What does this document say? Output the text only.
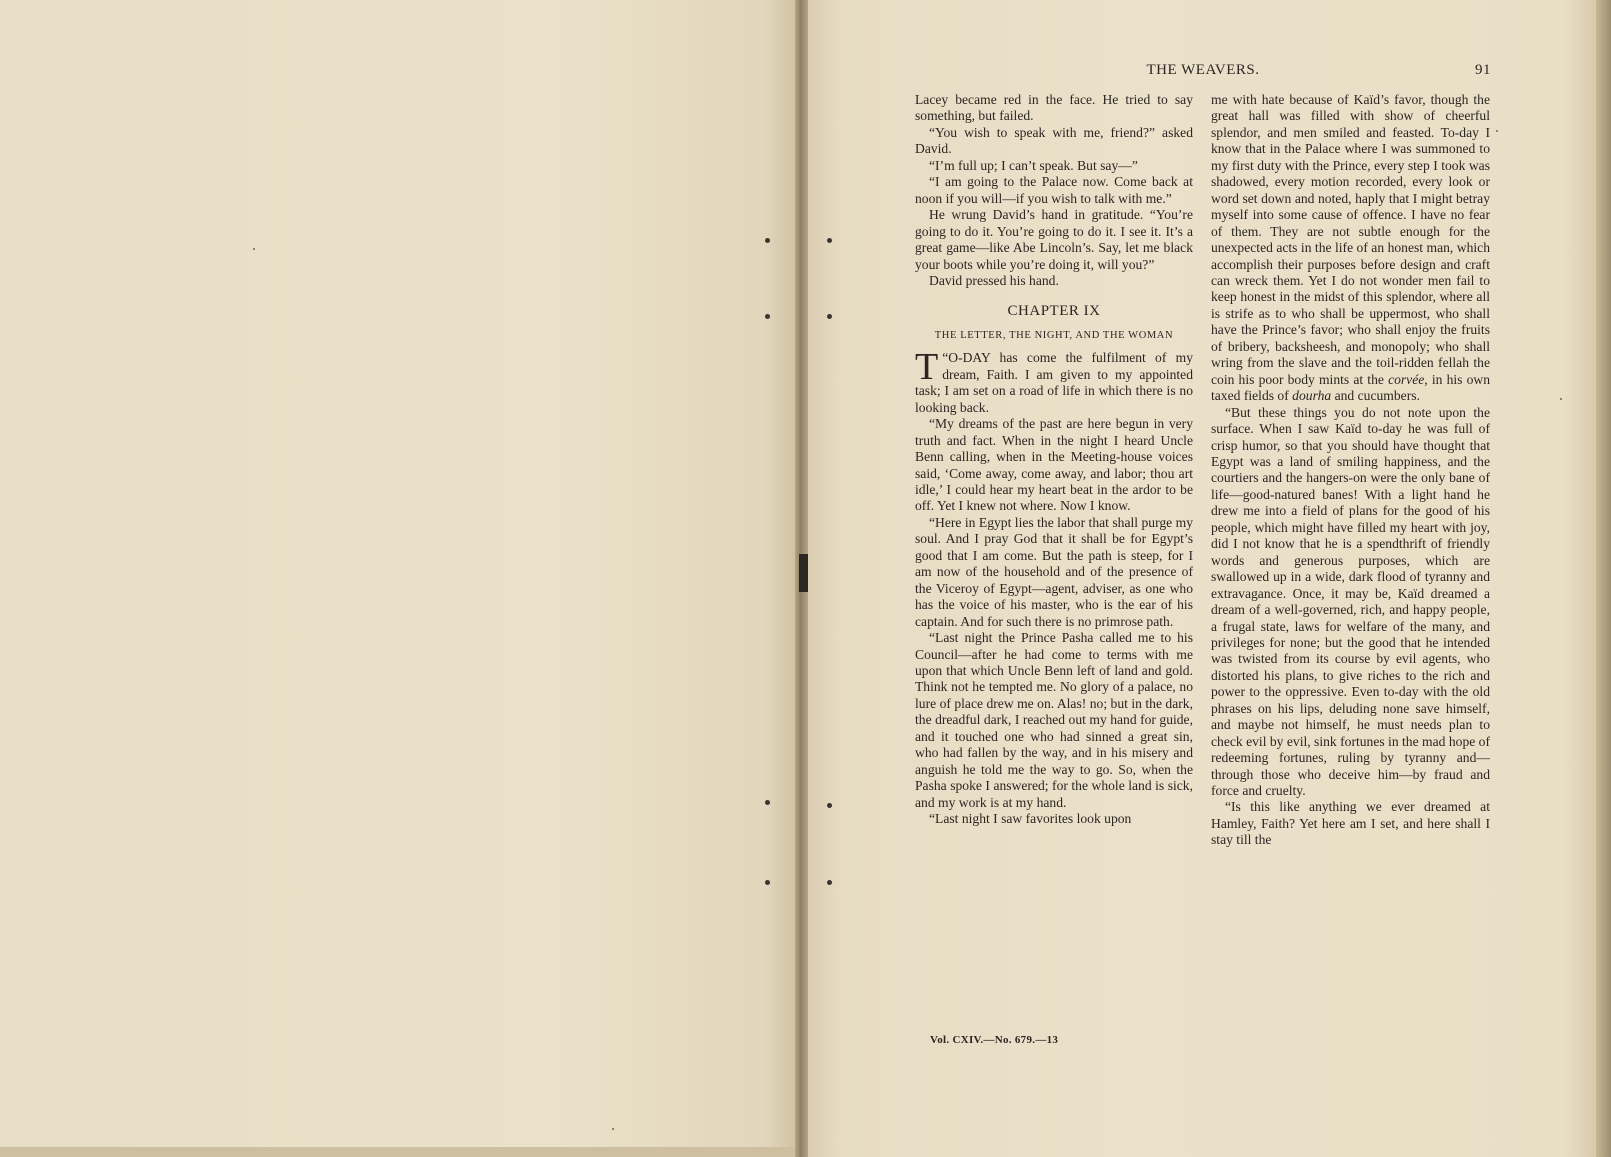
THE WEAVERS.	91

Lacey became red in the face. He tried to say something, but failed.

“You wish to speak with me, friend?” asked David.

“I’m full up; I can’t speak. But say—”

“I am going to the Palace now. Come back at noon if you will—if you wish to talk with me.”

He wrung David’s hand in gratitude. “You’re going to do it. You’re going to do it. I see it. It’s a great game—like Abe Lincoln’s. Say, let me black your boots while you’re doing it, will you?”

David pressed his hand.

CHAPTER IX
THE LETTER, THE NIGHT, AND THE WOMAN

“
T O-DAY has come the fulfilment of my dream, Faith. I am given to my appointed task; I am set on a road of life in which there is no looking back.

“My dreams of the past are here begun in very truth and fact. When in the night I heard Uncle Benn calling, when in the Meeting-house voices said, ‘Come away, come away, and labor; thou art idle,’ I could hear my heart beat in the ardor to be off. Yet I knew not where. Now I know.

“Here in Egypt lies the labor that shall purge my soul. And I pray God that it shall be for Egypt’s good that I am come. But the path is steep, for I am now of the household and of the presence of the Viceroy of Egypt—agent, adviser, as one who has the voice of his master, who is the ear of his captain. And for such there is no primrose path.

“Last night the Prince Pasha called me to his Council—after he had come to terms with me upon that which Uncle Benn left of land and gold. Think not he tempted me. No glory of a palace, no lure of place drew me on. Alas! no; but in the dark, the dreadful dark, I reached out my hand for guide, and it touched one who had sinned a great sin, who had fallen by the way, and in his misery and anguish he told me the way to go. So, when the Pasha spoke I answered; for the whole land is sick, and my work is at my hand.

“Last night I saw favorites look upon

me with hate because of Kaïd’s favor, though the great hall was filled with show of cheerful splendor, and men smiled and feasted. To-day I know that in the Palace where I was summoned to my first duty with the Prince, every step I took was shadowed, every motion recorded, every look or word set down and noted, haply that I might betray myself into some cause of offence. I have no fear of them. They are not subtle enough for the unexpected acts in the life of an honest man, which accomplish their purposes before design and craft can wreck them. Yet I do not wonder men fail to keep honest in the midst of this splendor, where all is strife as to who shall be uppermost, who shall have the Prince’s favor; who shall enjoy the fruits of bribery, backsheesh, and monopoly; who shall wring from the slave and the toil-ridden fellah the coin his poor body mints at the corvée, in his own taxed fields of dourha and cucumbers.

“But these things you do not note upon the surface. When I saw Kaïd to-day he was full of crisp humor, so that you should have thought that Egypt was a land of smiling happiness, and the courtiers and the hangers-on were the only bane of life—good-natured banes! With a light hand he drew me into a field of plans for the good of his people, which might have filled my heart with joy, did I not know that he is a spendthrift of friendly words and generous purposes, which are swallowed up in a wide, dark flood of tyranny and extravagance. Once, it may be, Kaïd dreamed a dream of a well-governed, rich, and happy people, a frugal state, laws for welfare of the many, and privileges for none; but the good that he intended was twisted from its course by evil agents, who distorted his plans, to give riches to the rich and power to the oppressive. Even to-day with the old phrases on his lips, deluding none save himself, and maybe not himself, he must needs plan to check evil by evil, sink fortunes in the mad hope of redeeming fortunes, ruling by tyranny and—through those who deceive him—by fraud and force and cruelty.

“Is this like anything we ever dreamed at Hamley, Faith? Yet here am I set, and here shall I stay till the

Vol. CXIV.—No. 679.—13
